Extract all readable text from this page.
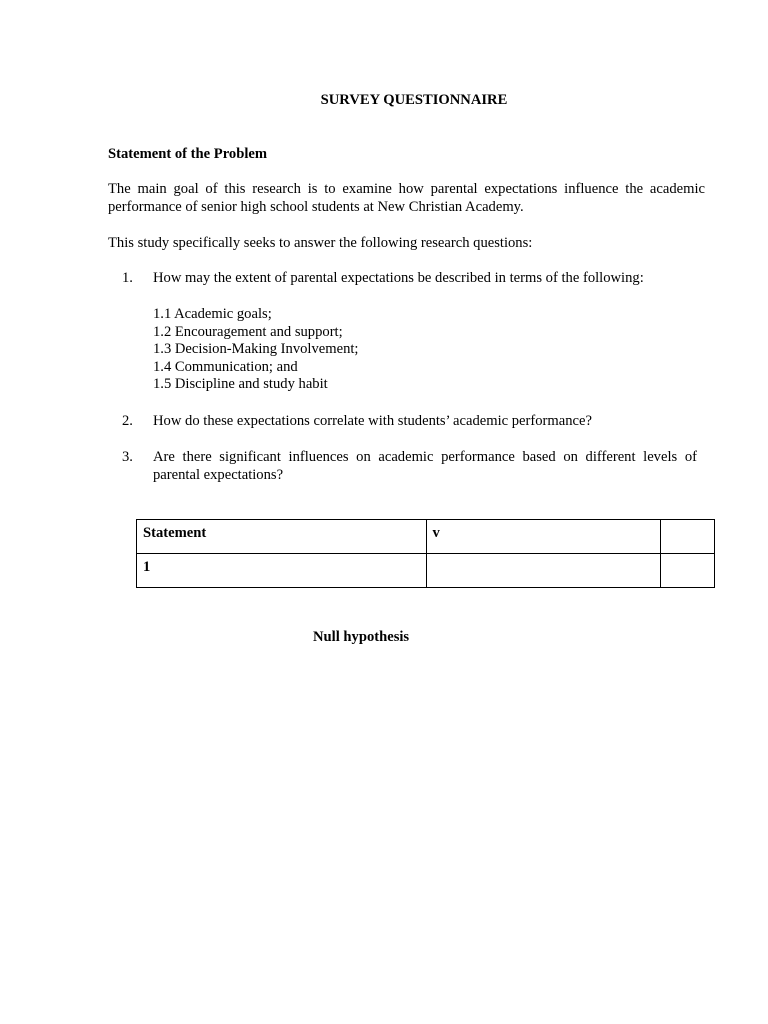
SURVEY QUESTIONNAIRE
Statement of the Problem
The main goal of this research is to examine how parental expectations influence the academic performance of senior high school students at New Christian Academy.
This study specifically seeks to answer the following research questions:
1. How may the extent of parental expectations be described in terms of the following:
1.1 Academic goals;
1.2 Encouragement and support;
1.3 Decision-Making Involvement;
1.4 Communication; and
1.5 Discipline and study habit
2. How do these expectations correlate with students’ academic performance?
3. Are there significant influences on academic performance based on different levels of parental expectations?
Statement	v	
1		
Null hypothesis
